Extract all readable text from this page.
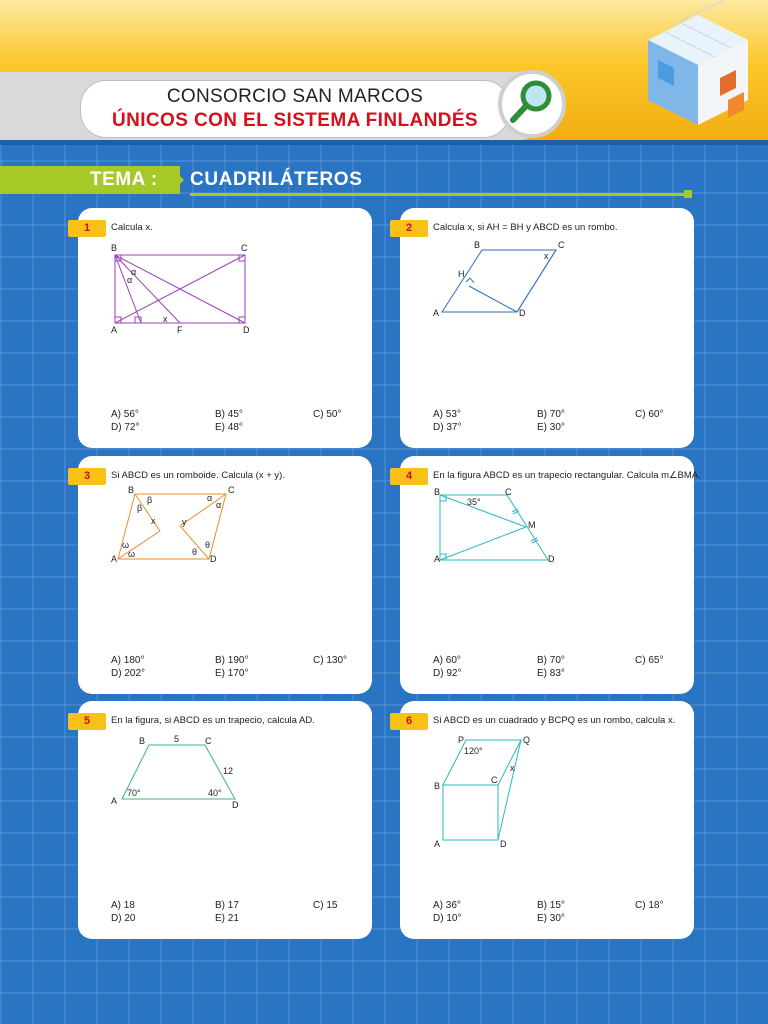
CONSORCIO SAN MARCOS
ÚNICOS CON EL SISTEMA FINLANDÉS
TEMA : CUADRILÁTEROS
1	Calcula x.
B	C
A	D
F
x
α
α
A) 56°	B) 45°	C) 50°
D) 72°	E) 48°
2	Calcula x, si AH = BH y ABCD es un rombo.
B	C
A	D
H
x
A) 53°	B) 70°	C) 60°
D) 37°	E) 30°
3	Si ABCD es un romboide. Calcula (x + y).
B	C
A	D
x	y
α
α
β
β
ω
ω
θ
θ
A) 180°	B) 190°	C) 130°
D) 202°	E) 170°
4	En la figura ABCD es un trapecio rectangular. Calcula m∠BMA.
B	C
A	D
M
35°
A) 60°	B) 70°	C) 65°
D) 92°	E) 83°
5	En la figura, si ABCD es un trapecio, calcula AD.
B	C
A	D
5
12
70°	40°
A) 18	B) 17	C) 15
D) 20	E) 21
6	Si ABCD es un cuadrado y BCPQ es un rombo, calcula x.
P	Q
B
C
A	D
x
120°
A) 36°	B) 15°	C) 18°
D) 10°	E) 30°
